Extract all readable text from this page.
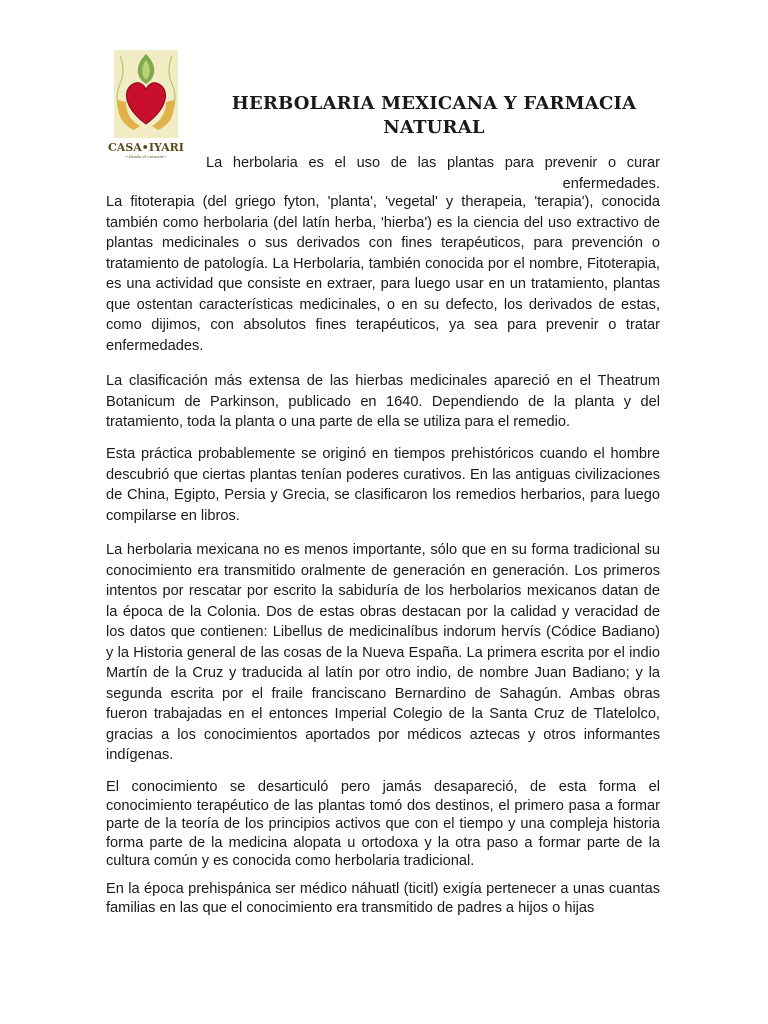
CASA•IYARI
~Desde el corazón~
HERBOLARIA MEXICANA Y FARMACIA NATURAL
La herbolaria es el uso de las plantas para prevenir o curar enfermedades.
La fitoterapia (del griego fyton, 'planta', 'vegetal' y therapeia, 'terapia'), conocida también como herbolaria (del latín herba, 'hierba') es la ciencia del uso extractivo de plantas medicinales o sus derivados con fines terapéuticos, para prevención o tratamiento de patología. La Herbolaria, también conocida por el nombre, Fitoterapia, es una actividad que consiste en extraer, para luego usar en un tratamiento, plantas que ostentan características medicinales, o en su defecto, los derivados de estas, como dijimos, con absolutos fines terapéuticos, ya sea para prevenir o tratar enfermedades.
La clasificación más extensa de las hierbas medicinales apareció en el Theatrum Botanicum de Parkinson, publicado en 1640. Dependiendo de la planta y del tratamiento, toda la planta o una parte de ella se utiliza para el remedio.
Esta práctica probablemente se originó en tiempos prehistóricos cuando el hombre descubrió que ciertas plantas tenían poderes curativos. En las antiguas civilizaciones de China, Egipto, Persia y Grecia, se clasificaron los remedios herbarios, para luego compilarse en libros.
La herbolaria mexicana no es menos importante, sólo que en su forma tradicional su conocimiento era transmitido oralmente de generación en generación. Los primeros intentos por rescatar por escrito la sabiduría de los herbolarios mexicanos datan de la época de la Colonia. Dos de estas obras destacan por la calidad y veracidad de los datos que contienen: Libellus de medicinalíbus indorum hervís (Códice Badiano) y la Historia general de las cosas de la Nueva España. La primera escrita por el indio Martín de la Cruz y traducida al latín por otro indio, de nombre Juan Badiano; y la segunda escrita por el fraile franciscano Bernardino de Sahagún. Ambas obras fueron trabajadas en el entonces Imperial Colegio de la Santa Cruz de Tlatelolco, gracias a los conocimientos aportados por médicos aztecas y otros informantes indígenas.
El conocimiento se desarticuló pero jamás desapareció, de esta forma el conocimiento terapéutico de las plantas tomó dos destinos, el primero pasa a formar parte de la teoría de los principios activos que con el tiempo y una compleja historia forma parte de la medicina alopata u ortodoxa y la otra paso a formar parte de la cultura común y es conocida como herbolaria tradicional.
En la época prehispánica ser médico náhuatl (ticitl) exigía pertenecer a unas cuantas familias en las que el conocimiento era transmitido de padres a hijos o hijas
